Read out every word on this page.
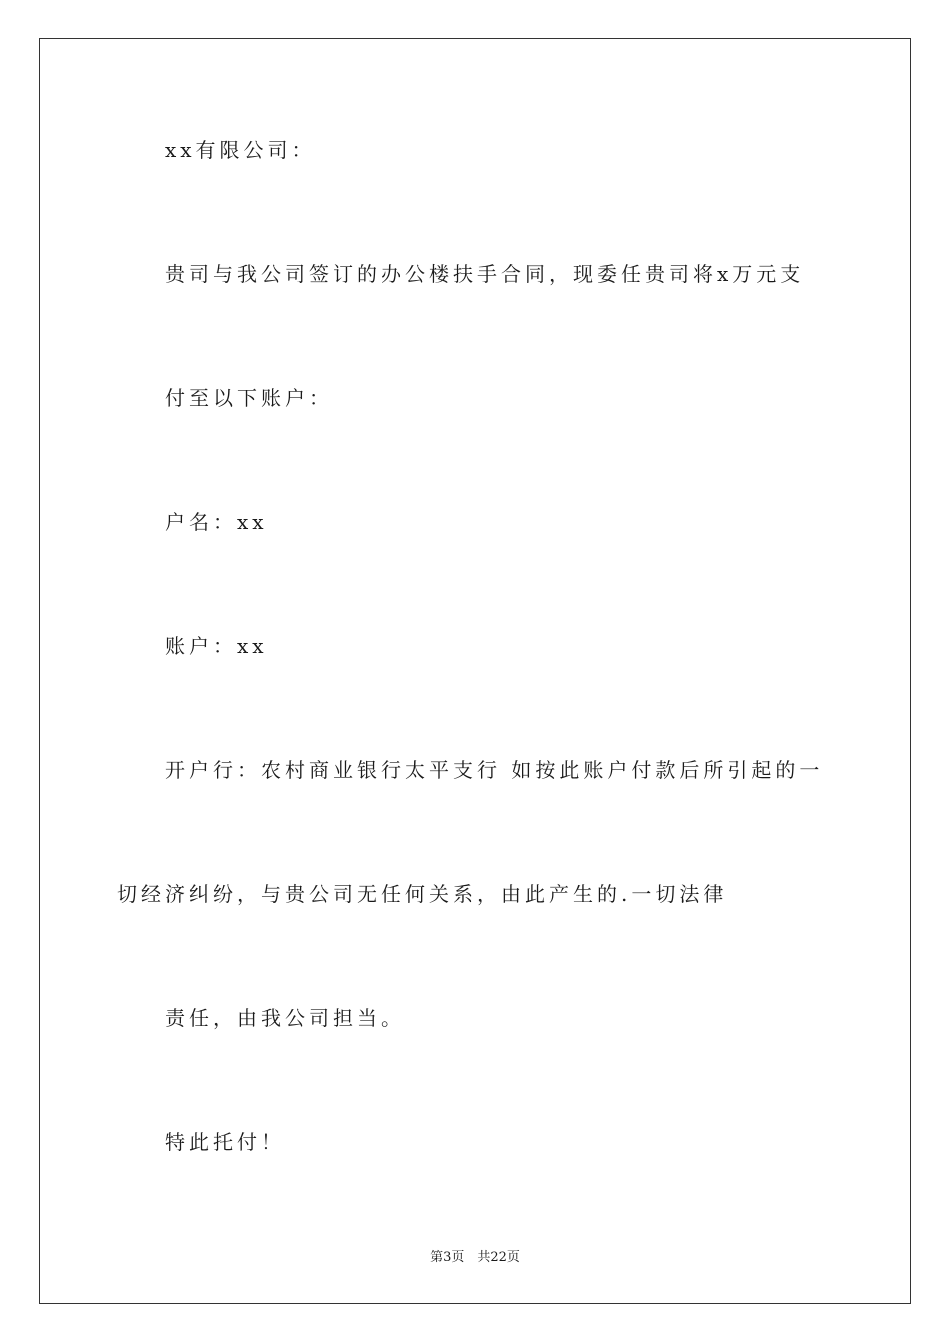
xx有限公司：
贵司与我公司签订的办公楼扶手合同，现委任贵司将x万元支
付至以下账户：
户名：xx
账户：xx
开户行：农村商业银行太平支行 如按此账户付款后所引起的一
切经济纠纷，与贵公司无任何关系，由此产生的.一切法律
责任，由我公司担当。
特此托付！
第3页　共22页
